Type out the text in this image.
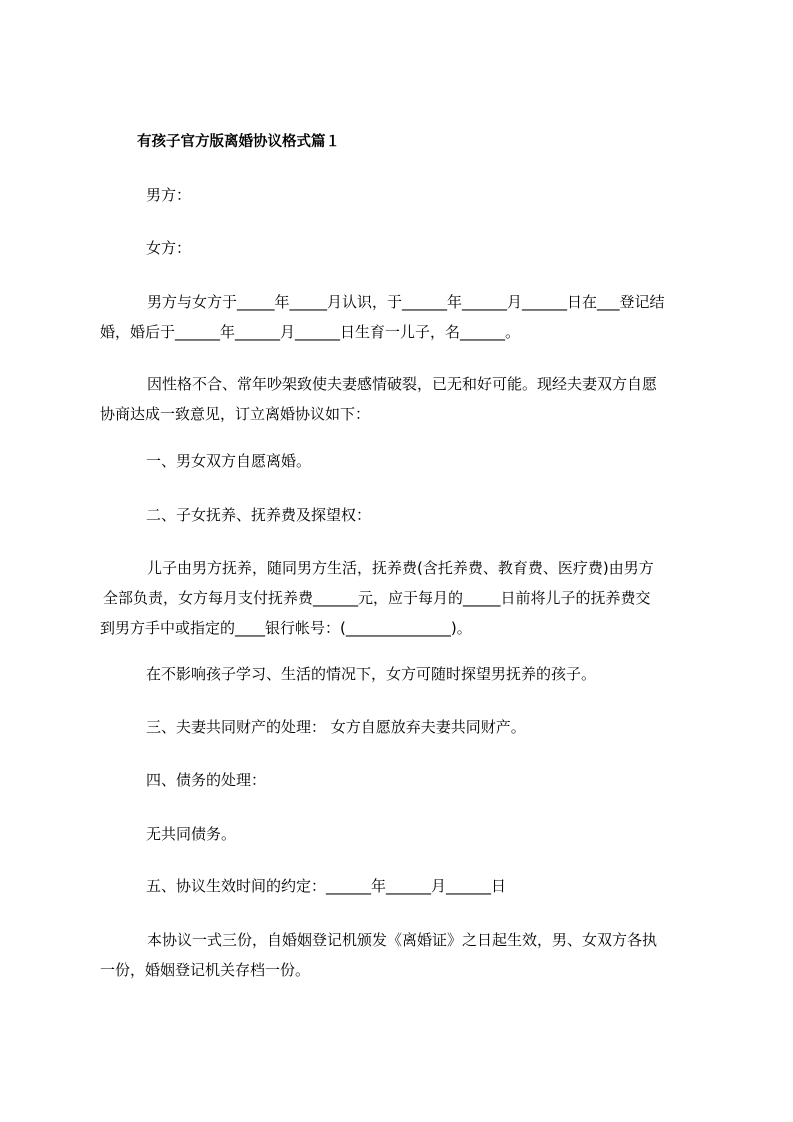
有孩子官方版离婚协议格式篇１
男方：
女方：
男方与女方于_____年_____月认识，于______年______月______日在___登记结
婚，婚后于______年______月______日生育一儿子，名______。
因性格不合、常年吵架致使夫妻感情破裂，已无和好可能。现经夫妻双方自愿
协商达成一致意见，订立离婚协议如下：
一、男女双方自愿离婚。
二、子女抚养、抚养费及探望权：
儿子由男方抚养，随同男方生活，抚养费(含托养费、教育费、医疗费)由男方
全部负责，女方每月支付抚养费______元，应于每月的_____日前将儿子的抚养费交
到男方手中或指定的____银行帐号：(______________)。
在不影响孩子学习、生活的情况下，女方可随时探望男抚养的孩子。
三、夫妻共同财产的处理： 女方自愿放弃夫妻共同财产。
四、债务的处理：
无共同债务。
五、协议生效时间的约定：______年______月______日
本协议一式三份，自婚姻登记机颁发《离婚证》之日起生效，男、女双方各执
一份，婚姻登记机关存档一份。
